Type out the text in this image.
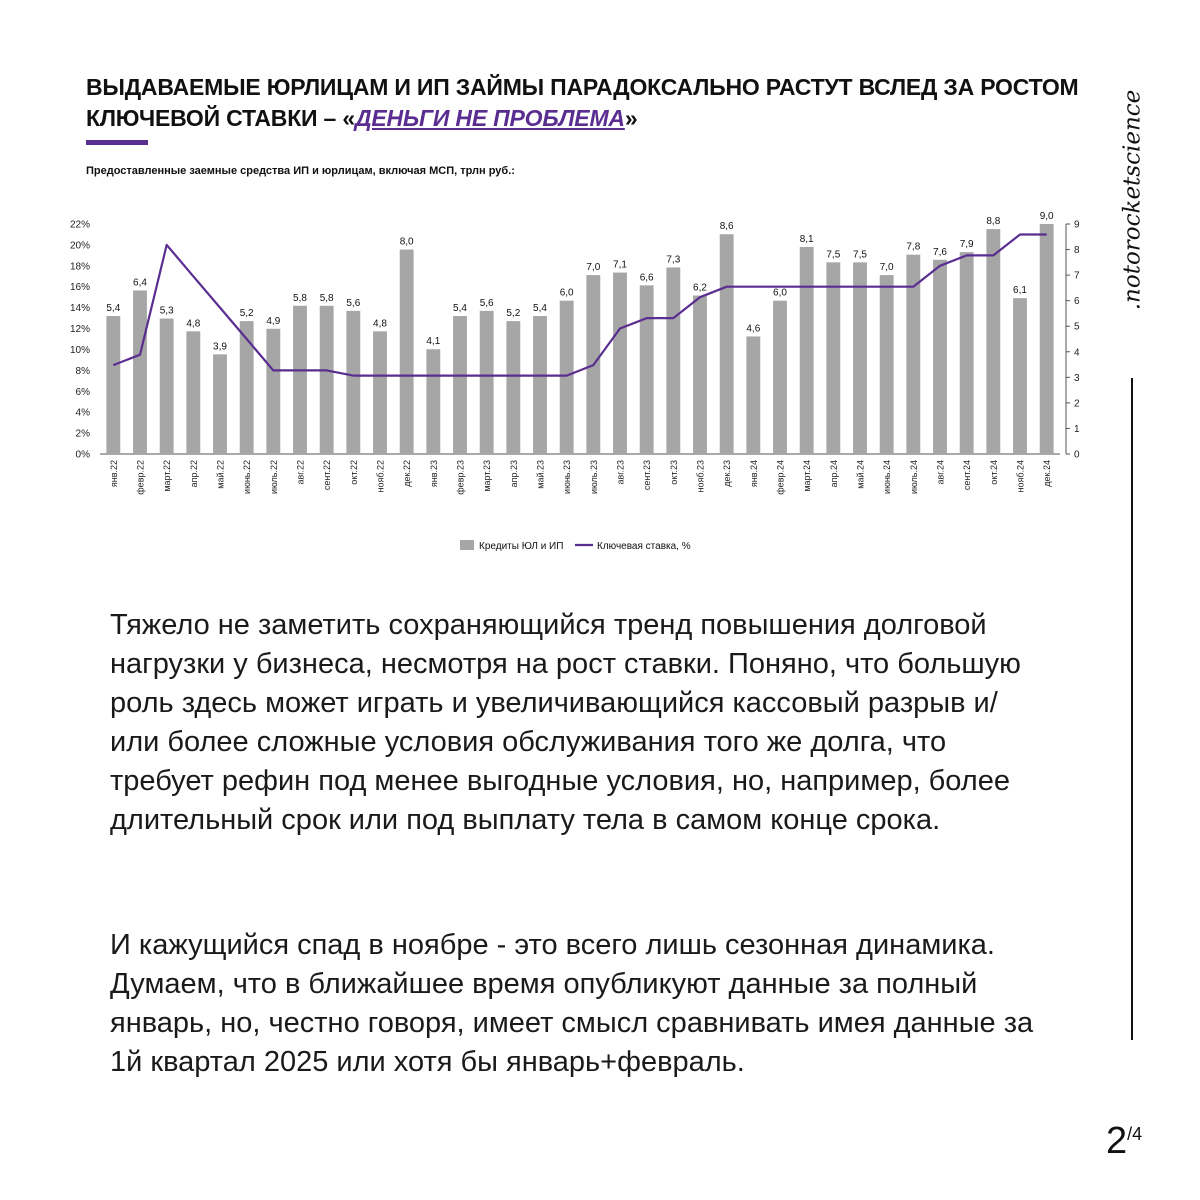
ВЫДАВАЕМЫЕ ЮРЛИЦАМ И ИП ЗАЙМЫ ПАРАДОКСАЛЬНО РАСТУТ ВСЛЕД ЗА РОСТОМ КЛЮЧЕВОЙ СТАВКИ – «ДЕНЬГИ НЕ ПРОБЛЕМА»
Предоставленные заемные средства ИП и юрлицам, включая МСП, трлн руб.:
0%
2%
4%
6%
8%
10%
12%
14%
16%
18%
20%
22%
0
1
2
3
4
5
6
7
8
9
5,4
6,4
5,3
4,8
3,9
5,2
4,9
5,8 5,8 5,6
4,8
8,0
4,1
5,4 5,6
5,2 5,4
6,0
7,0 7,1
6,6
7,3
6,2
8,6
4,6
6,0
8,1
7,5 7,5
7,0
7,8 7,6
7,9
8,8
6,1
9,0
янв.22 февр.22 март.22 апр.22 май.22 июнь.22 июль.22 авг.22 сент.22 окт.22 нояб.22 дек.22 янв.23 февр.23 март.23 апр.23 май.23 июнь.23 июль.23 авг.23 сент.23 окт.23 нояб.23 дек.23 янв.24 февр.24 март.24 апр.24 май.24 июнь.24 июль.24 авг.24 сент.24 окт.24 нояб.24 дек.24
Кредиты ЮЛ и ИП	Ключевая ставка, %

Тяжело не заметить сохраняющийся тренд повышения долговой нагрузки у бизнеса, несмотря на рост ставки. Поняно, что большую роль здесь может играть и увеличивающийся кассовый разрыв и/или более сложные условия обслуживания того же долга, что требует рефин под менее выгодные условия, но, например, более длительный срок или под выплату тела в самом конце срока.

И кажущийся спад в ноябре - это всего лишь сезонная динамика. Думаем, что в ближайшее время опубликуют данные за полный январь, но, честно говоря, имеет смысл сравнивать имея данные за 1й квартал 2025 или хотя бы январь+февраль.

.notorocketscience
2/4
